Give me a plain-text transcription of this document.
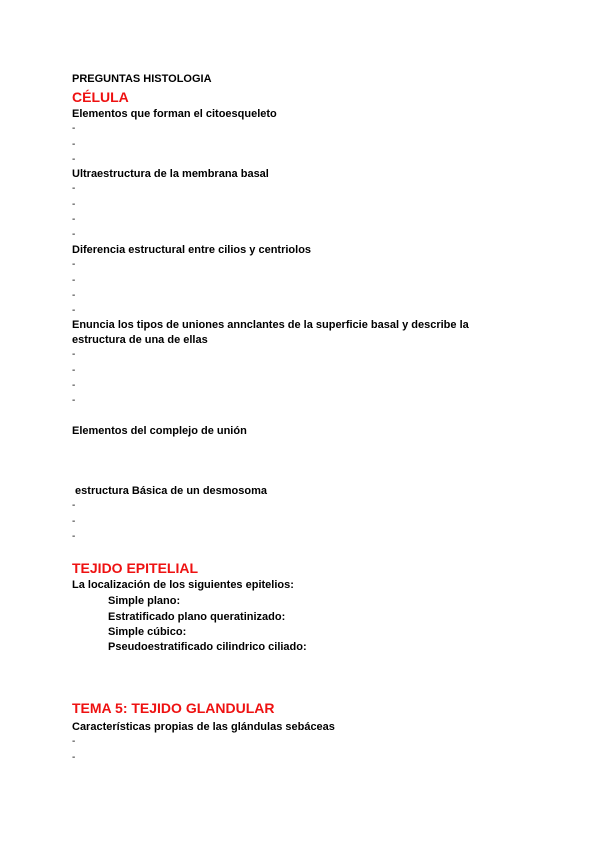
PREGUNTAS HISTOLOGIA
CÉLULA
Elementos que forman el citoesqueleto
-
-
-
Ultraestructura de la membrana basal
-
-
-
-
Diferencia estructural entre cilios y centriolos
-
-
-
-
Enuncia los tipos de uniones annclantes de la superficie basal y describe la
estructura de una de ellas
-
-
-
-
Elementos del complejo de unión
estructura Básica de un desmosoma
-
-
-
TEJIDO EPITELIAL
La localización de los siguientes epitelios:
Simple plano:
Estratificado plano queratinizado:
Simple cúbico:
Pseudoestratificado cilindrico ciliado:
TEMA 5: TEJIDO GLANDULAR
Características propias de las glándulas sebáceas
-
-
